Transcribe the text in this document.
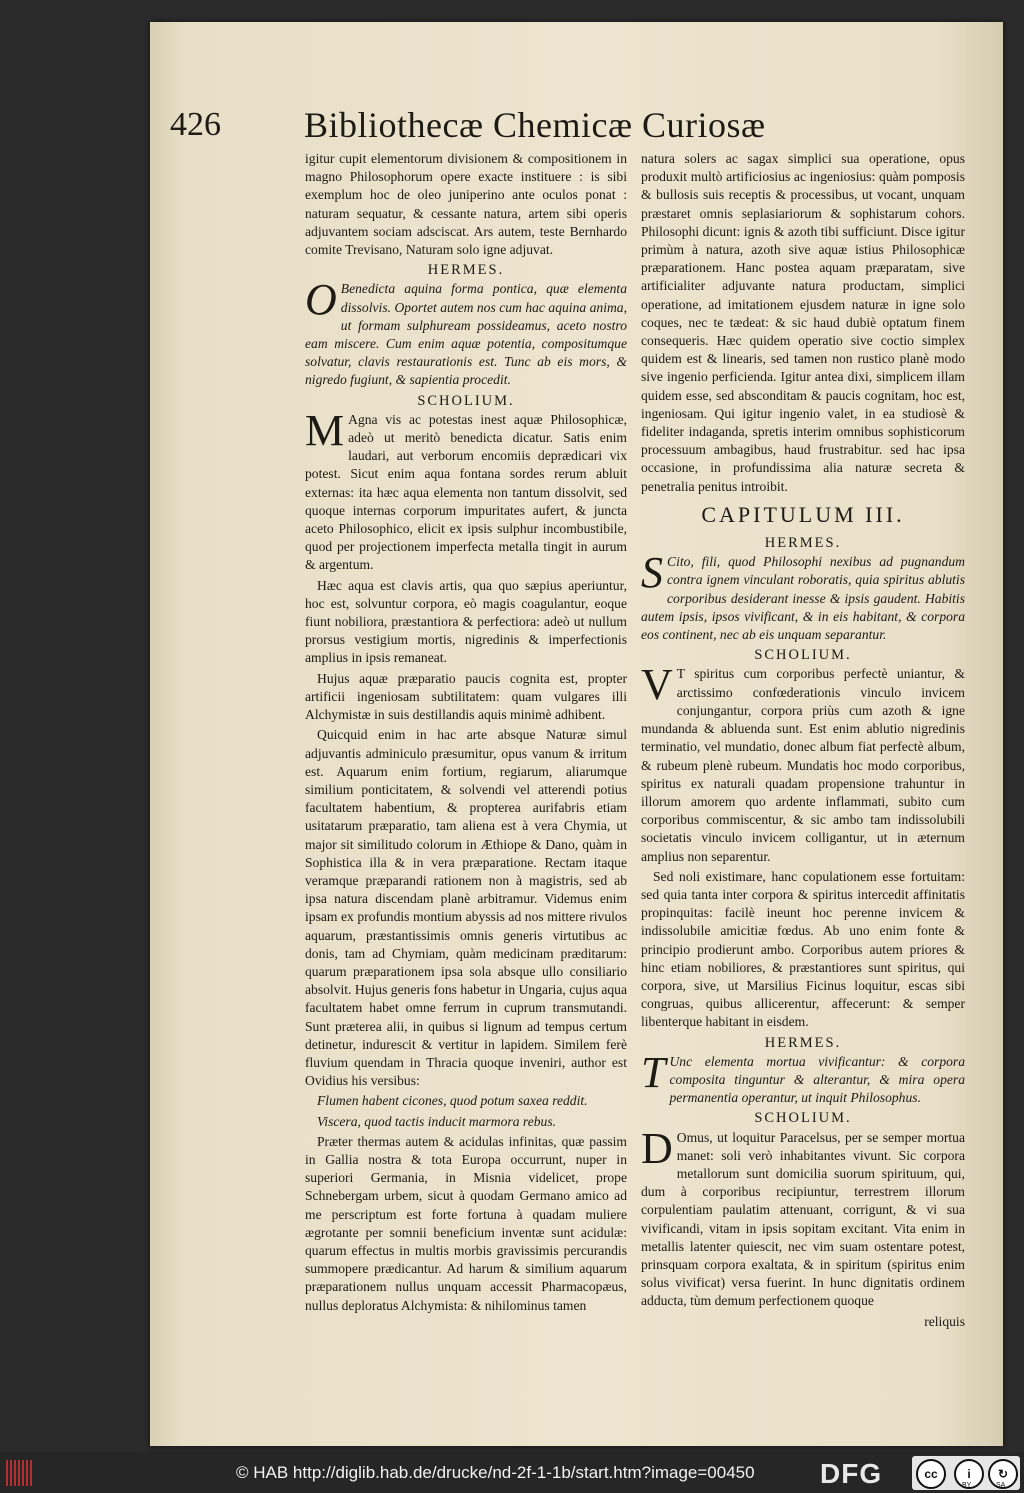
426 Bibliothecæ Chemicæ Curiosæ

igitur cupit elementorum divisionem & compositionem in magno Philosophorum opere exacte instituere : is sibi exemplum hoc de oleo juniperino ante oculos ponat : naturam sequatur, & cessante natura, artem sibi operis adjuvantem sociam adsciscat. Ars autem, teste Bernhardo comite Trevisano, Naturam solo igne adjuvat.

HERMES.

O Benedicta aquina forma pontica, quæ elementa dissolvis. Oportet autem nos cum hac aquina anima, ut formam sulphuream possideamus, aceto nostro eam miscere. Cum enim aquæ potentia, compositumque solvatur, clavis restaurationis est. Tunc ab eis mors, & nigredo fugiunt, & sapientia procedit.

SCHOLIUM.

M Agna vis ac potestas inest aquæ Philosophicæ, adeò ut meritò benedicta dicatur. Satis enim laudari, aut verborum encomiis deprædicari vix potest. Sicut enim aqua fontana sordes rerum abluit externas: ita hæc aqua elementa non tantum dissolvit, sed quoque internas corporum impuritates aufert, & juncta aceto Philosophico, elicit ex ipsis sulphur incombustibile, quod per projectionem imperfecta metalla tingit in aurum & argentum.

Hæc aqua est clavis artis, qua quo sæpius aperiuntur, hoc est, solvuntur corpora, eò magis coagulantur, eoque fiunt nobiliora, præstantiora & perfectiora: adeò ut nullum prorsus vestigium mortis, nigredinis & imperfectionis amplius in ipsis remaneat.

Hujus aquæ præparatio paucis cognita est, propter artificii ingeniosam subtilitatem: quam vulgares illi Alchymistæ in suis destillandis aquis minimè adhibent.

Quicquid enim in hac arte absque Naturæ simul adjuvantis adminiculo præsumitur, opus vanum & irritum est. Aquarum enim fortium, regiarum, aliarumque similium ponticitatem, & solvendi vel atterendi potius facultatem habentium, & propterea aurifabris etiam usitatarum præparatio, tam aliena est à vera Chymia, ut major sit similitudo colorum in Æthiope & Dano, quàm in Sophistica illa & in vera præparatione. Rectam itaque veramque præparandi rationem non à magistris, sed ab ipsa natura discendam planè arbitramur. Videmus enim ipsam ex profundis montium abyssis ad nos mittere rivulos aquarum, præstantissimis omnis generis virtutibus ac donis, tam ad Chymiam, quàm medicinam præditarum: quarum præparationem ipsa sola absque ullo consiliario absolvit. Hujus generis fons habetur in Ungaria, cujus aqua facultatem habet omne ferrum in cuprum transmutandi. Sunt præterea alii, in quibus si lignum ad tempus certum detinetur, indurescit & vertitur in lapidem. Similem ferè fluvium quendam in Thracia quoque inveniri, author est Ovidius his versibus:

Flumen habent cicones, quod potum saxea reddit.

Viscera, quod tactis inducit marmora rebus.

Præter thermas autem & acidulas infinitas, quæ passim in Gallia nostra & tota Europa occurrunt, nuper in superiori Germania, in Misnia videlicet, prope Schnebergam urbem, sicut à quodam Germano amico ad me perscriptum est forte fortuna à quadam muliere ægrotante per somnii beneficium inventæ sunt acidulæ: quarum effectus in multis morbis gravissimis percurandis summopere prædicantur. Ad harum & similium aquarum præparationem nullus unquam accessit Pharmacopæus, nullus deploratus Alchymista: & nihilominus tamen

natura solers ac sagax simplici sua operatione, opus produxit multò artificiosius ac ingeniosius: quàm pomposis & bullosis suis receptis & processibus, ut vocant, unquam præstaret omnis seplasiariorum & sophistarum cohors. Philosophi dicunt: ignis & azoth tibi sufficiunt. Disce igitur primùm à natura, azoth sive aquæ istius Philosophicæ præparationem. Hanc postea aquam præparatam, sive artificialiter adjuvante natura productam, simplici operatione, ad imitationem ejusdem naturæ in igne solo coques, nec te tædeat: & sic haud dubiè optatum finem consequeris. Hæc quidem operatio sive coctio simplex quidem est & linearis, sed tamen non rustico planè modo sive ingenio perficienda. Igitur antea dixi, simplicem illam quidem esse, sed absconditam & paucis cognitam, hoc est, ingeniosam. Qui igitur ingenio valet, in ea studiosè & fideliter indaganda, spretis interim omnibus sophisticorum processuum ambagibus, haud frustrabitur. sed hac ipsa occasione, in profundissima alia naturæ secreta & penetralia penitus introibit.

CAPITULUM III.
HERMES.

S Cito, fili, quod Philosophi nexibus ad pugnandum contra ignem vinculant roboratis, quia spiritus ablutis corporibus desiderant inesse & ipsis gaudent. Habitis autem ipsis, ipsos vivificant, & in eis habitant, & corpora eos continent, nec ab eis unquam separantur.

SCHOLIUM.

V T spiritus cum corporibus perfectè uniantur, & arctissimo confœderationis vinculo invicem conjungantur, corpora priùs cum azoth & igne mundanda & abluenda sunt. Est enim ablutio nigredinis terminatio, vel mundatio, donec album fiat perfectè album, & rubeum plenè rubeum. Mundatis hoc modo corporibus, spiritus ex naturali quadam propensione trahuntur in illorum amorem quo ardente inflammati, subito cum corporibus commiscentur, & sic ambo tam indissolubili societatis vinculo invicem colligantur, ut in æternum amplius non separentur.

Sed noli existimare, hanc copulationem esse fortuitam: sed quia tanta inter corpora & spiritus intercedit affinitatis propinquitas: facilè ineunt hoc perenne invicem & indissolubile amicitiæ fœdus. Ab uno enim fonte & principio prodierunt ambo. Corporibus autem priores & hinc etiam nobiliores, & præstantiores sunt spiritus, qui corpora, sive, ut Marsilius Ficinus loquitur, escas sibi congruas, quibus allicerentur, affecerunt: & semper libenterque habitant in eisdem.

HERMES.

T Unc elementa mortua vivificantur: & corpora composita tinguntur & alterantur, & mira opera permanentia operantur, ut inquit Philosophus.

SCHOLIUM.

D Omus, ut loquitur Paracelsus, per se semper mortua manet: soli verò inhabitantes vivunt. Sic corpora metallorum sunt domicilia suorum spirituum, qui, dum à corporibus recipiuntur, terrestrem illorum corpulentiam paulatim attenuant, corrigunt, & vi sua vivificandi, vitam in ipsis sopitam excitant. Vita enim in metallis latenter quiescit, nec vim suam ostentare potest, prinsquam corpora exaltata, & in spiritum (spiritus enim solus vivificat) versa fuerint. In hunc dignitatis ordinem adducta, tùm demum perfectionem quoque

reliquis
© HAB http://diglib.hab.de/drucke/nd-2f-1-1b/start.htm?image=00450 DFG	cc	i	↻
BY	SA
